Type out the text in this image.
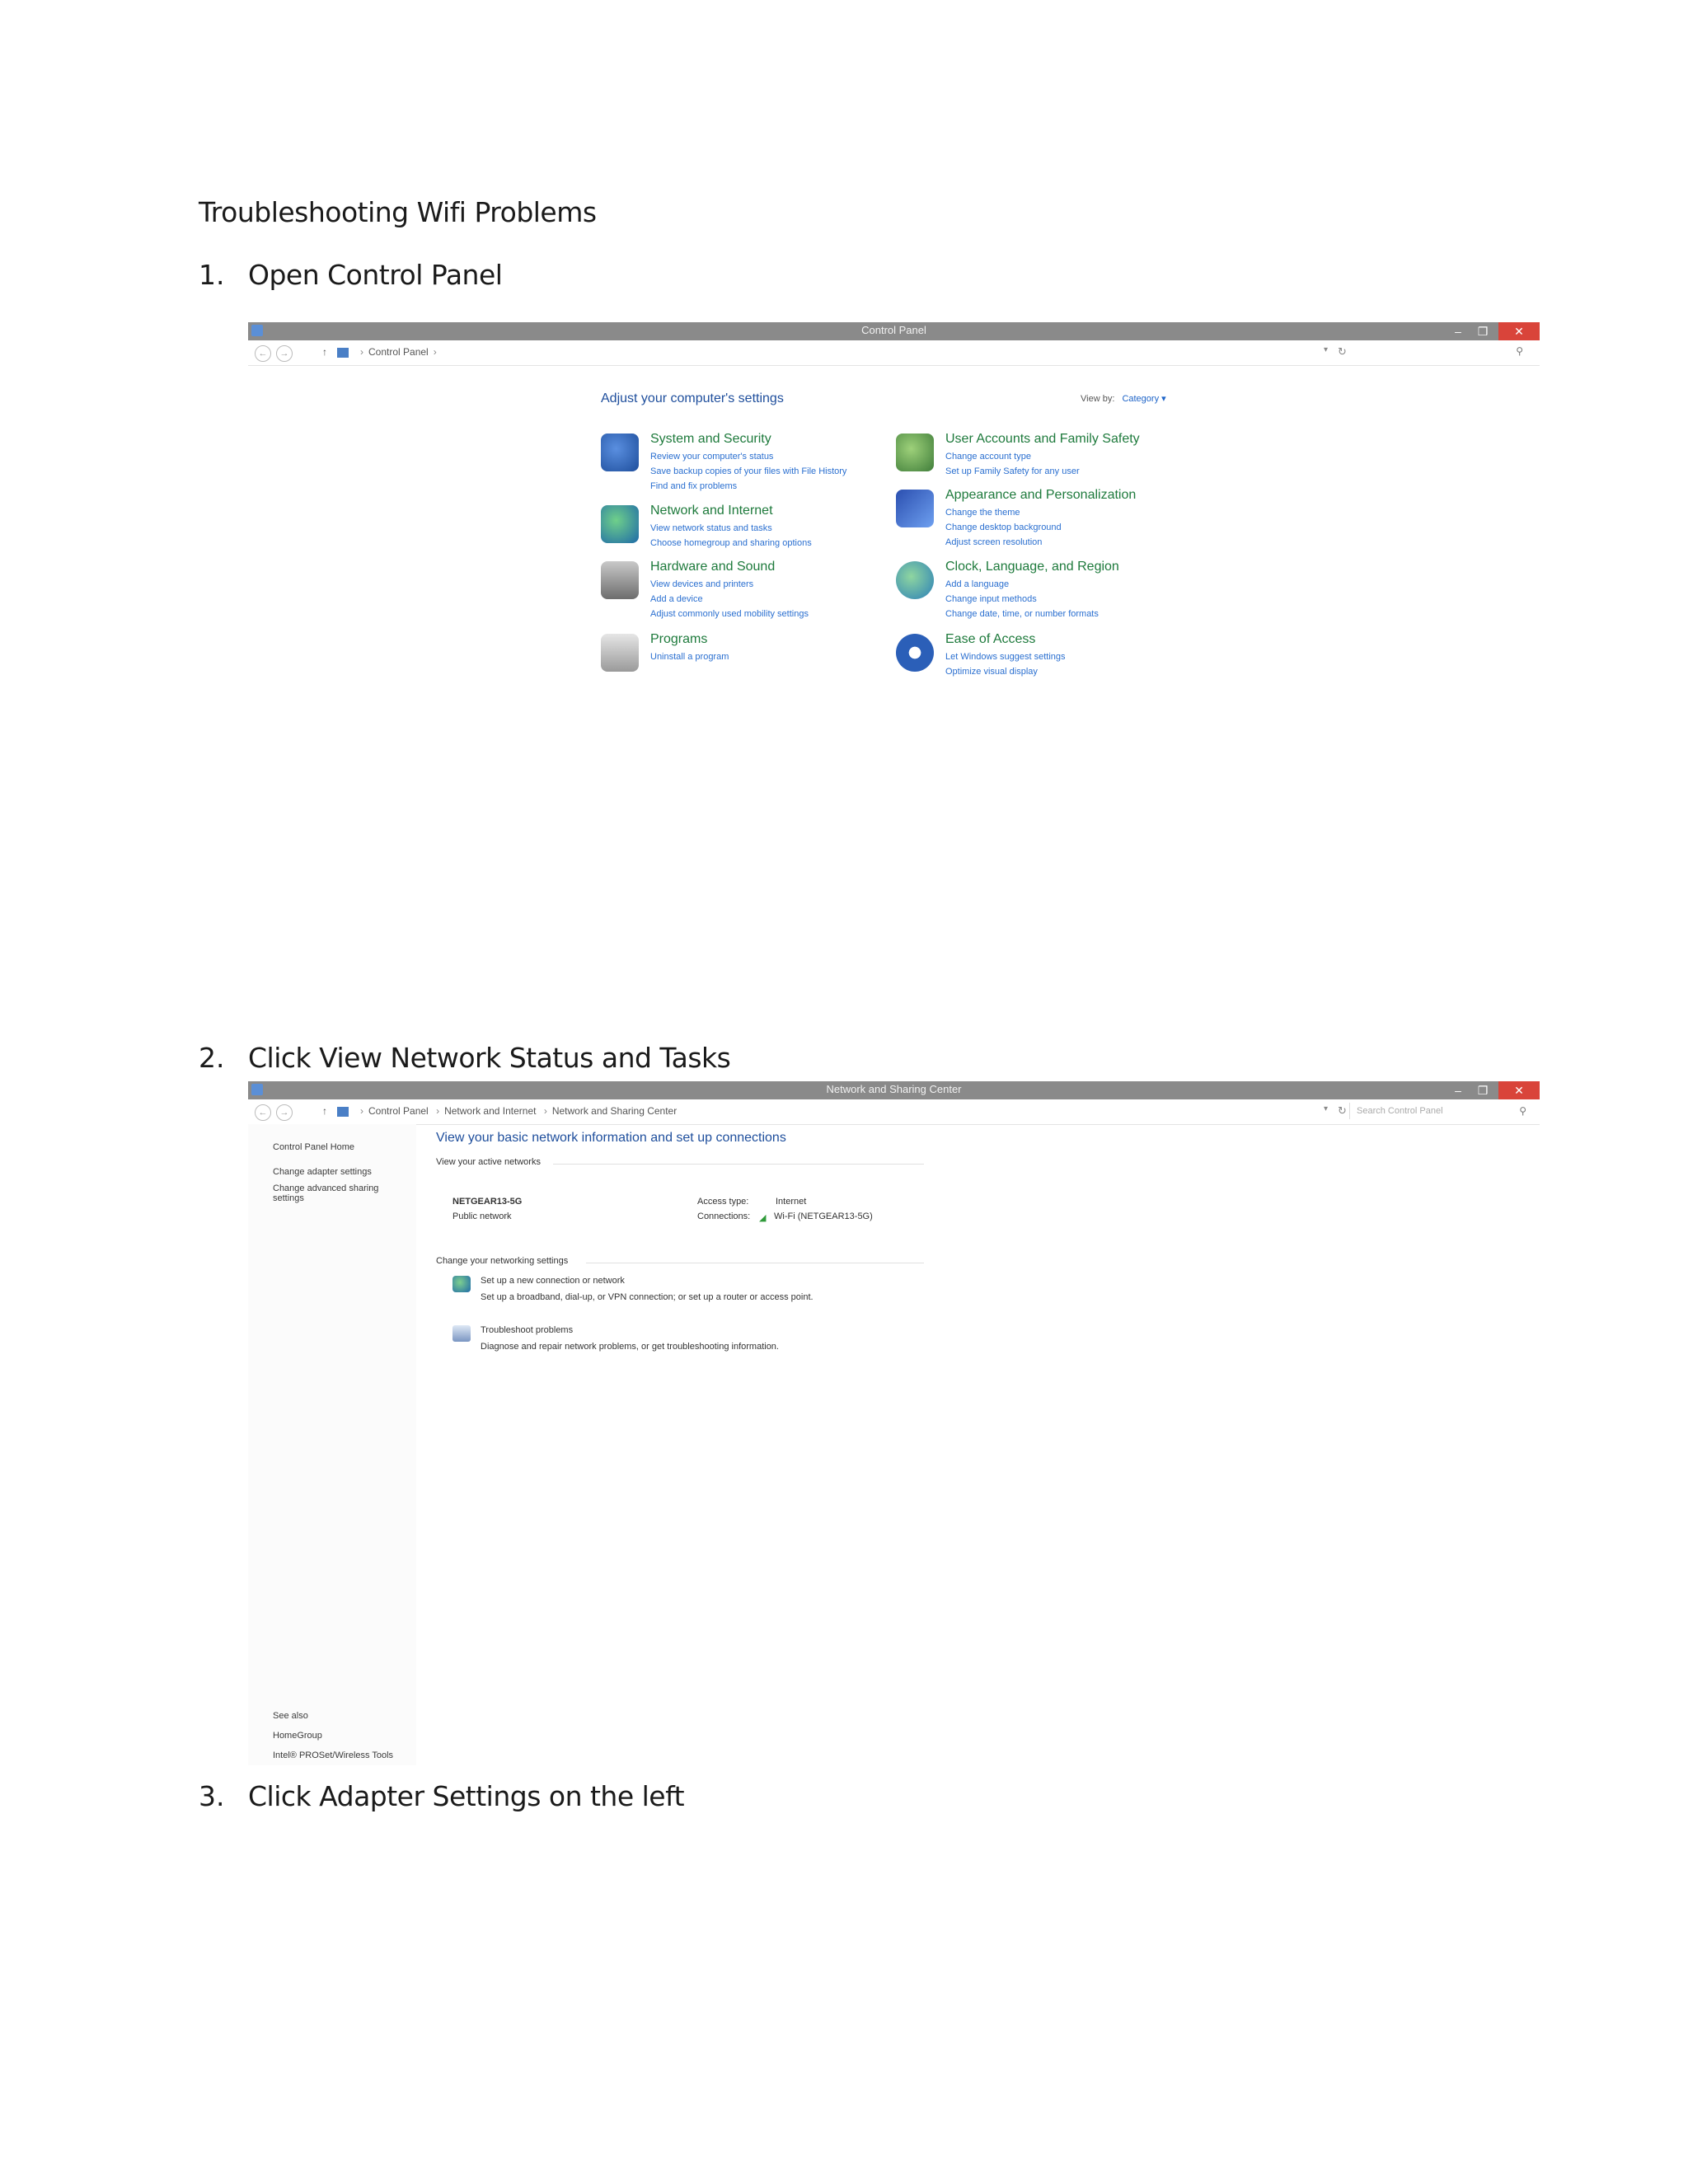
Troubleshooting Wifi Problems
1. Open Control Panel
Control Panel	–	❐	✕
←	→	↑	› Control Panel ›	▾ ↻	⚲
Adjust your computer's settings	View by: Category ▾
System and Security
Review your computer's status
Save backup copies of your files with File History
Find and fix problems
Network and Internet
View network status and tasks
Choose homegroup and sharing options
Hardware and Sound
View devices and printers
Add a device
Adjust commonly used mobility settings
Programs
Uninstall a program
User Accounts and Family Safety
Change account type
Set up Family Safety for any user
Appearance and Personalization
Change the theme
Change desktop background
Adjust screen resolution
Clock, Language, and Region
Add a language
Change input methods
Change date, time, or number formats
Ease of Access
Let Windows suggest settings
Optimize visual display
2. Click View Network Status and Tasks
Network and Sharing Center	–	❐	✕
←	→	↑	› Control Panel › Network and Internet › Network and Sharing Center	▾ ↻	Search Control Panel	⚲
Control Panel Home
Change adapter settings
Change advanced sharing settings
See also
HomeGroup
Intel® PROSet/Wireless Tools
View your basic network information and set up connections
View your active networks
NETGEAR13-5G
Public network
Access type:	Internet
Connections: ◢ Wi-Fi (NETGEAR13-5G)
Change your networking settings
Set up a new connection or network
Set up a broadband, dial-up, or VPN connection; or set up a router or access point.
Troubleshoot problems
Diagnose and repair network problems, or get troubleshooting information.
3. Click Adapter Settings on the left
